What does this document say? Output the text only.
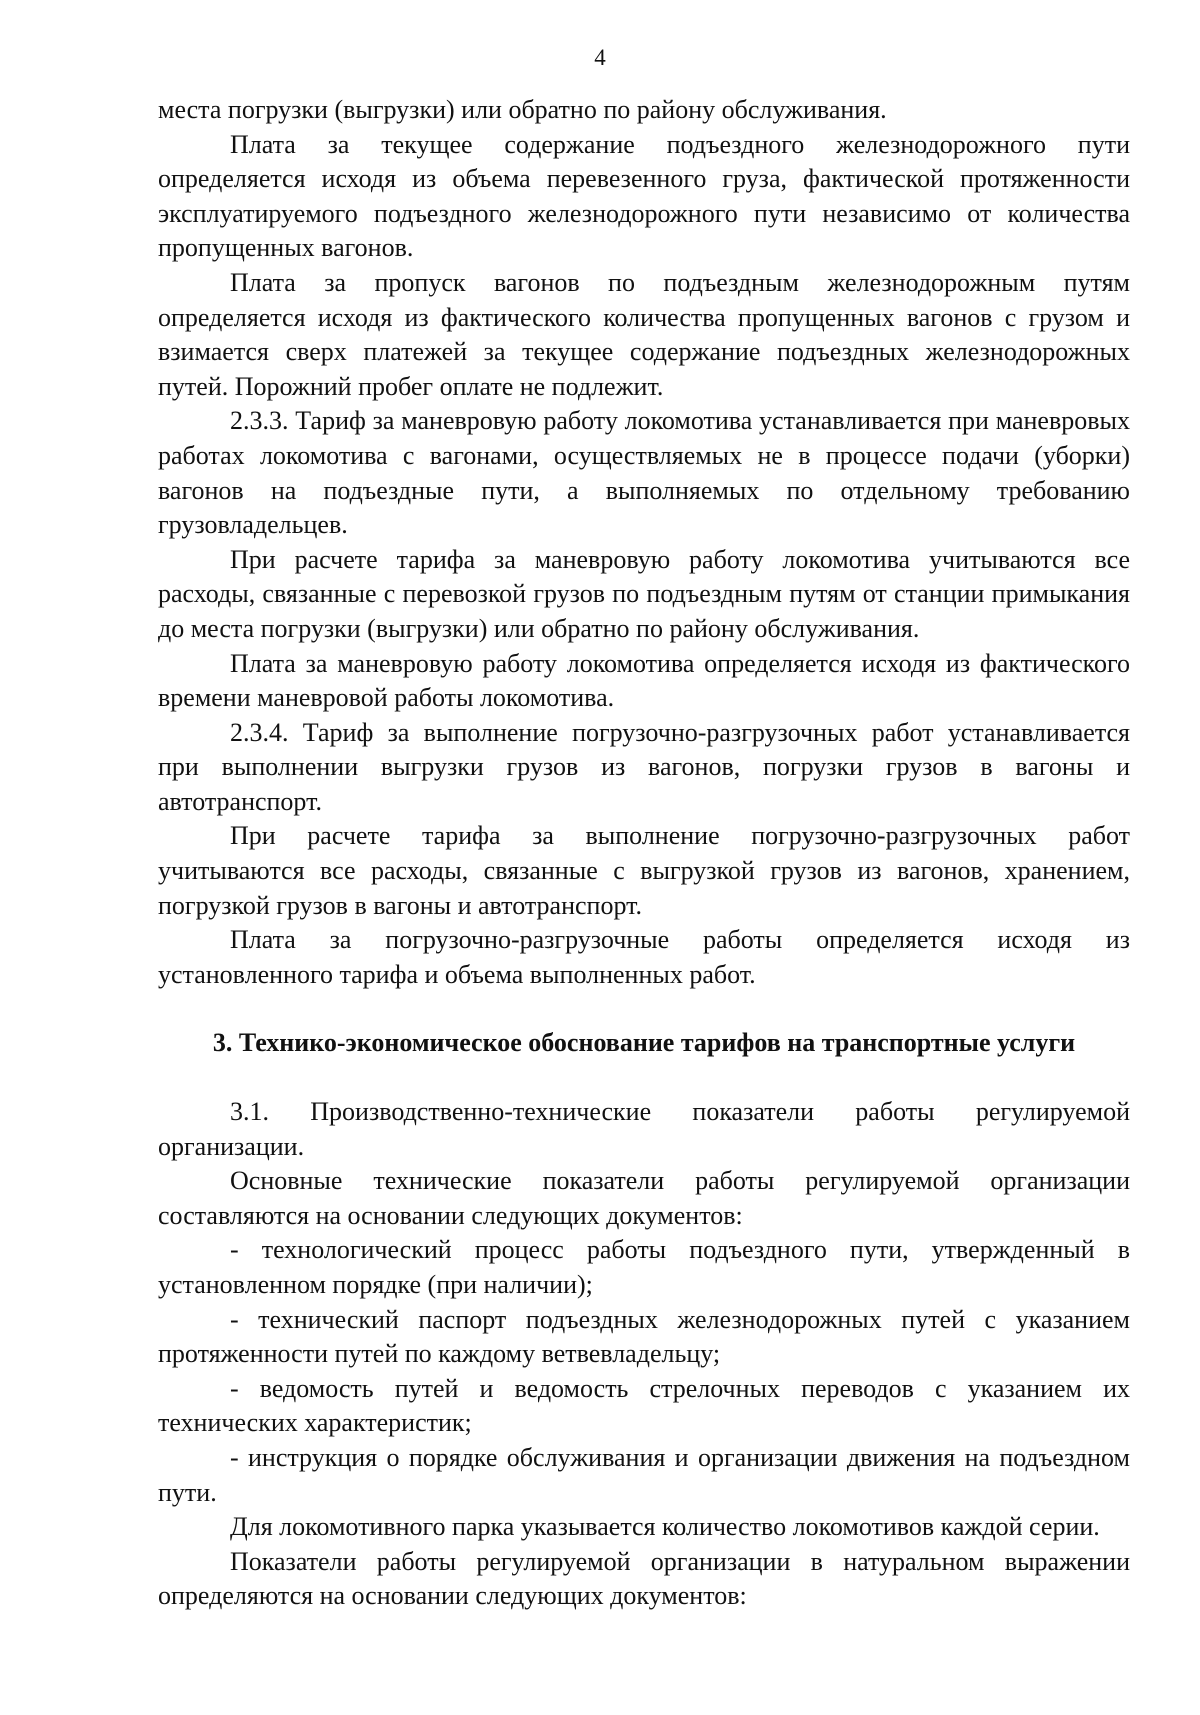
4

места погрузки (выгрузки) или обратно по району обслуживания.

Плата за текущее содержание подъездного железнодорожного пути определяется исходя из объема перевезенного груза, фактической протяженности эксплуатируемого подъездного железнодорожного пути независимо от количества пропущенных вагонов.

Плата за пропуск вагонов по подъездным железнодорожным путям определяется исходя из фактического количества пропущенных вагонов с грузом и взимается сверх платежей за текущее содержание подъездных железнодорожных путей. Порожний пробег оплате не подлежит.

2.3.3. Тариф за маневровую работу локомотива устанавливается при маневровых работах локомотива с вагонами, осуществляемых не в процессе подачи (уборки) вагонов на подъездные пути, а выполняемых по отдельному требованию грузовладельцев.

При расчете тарифа за маневровую работу локомотива учитываются все расходы, связанные с перевозкой грузов по подъездным путям от станции примыкания до места погрузки (выгрузки) или обратно по району обслуживания.

Плата за маневровую работу локомотива определяется исходя из фактического времени маневровой работы локомотива.

2.3.4. Тариф за выполнение погрузочно-разгрузочных работ устанавливается при выполнении выгрузки грузов из вагонов, погрузки грузов в вагоны и автотранспорт.

При расчете тарифа за выполнение погрузочно-разгрузочных работ учитываются все расходы, связанные с выгрузкой грузов из вагонов, хранением, погрузкой грузов в вагоны и автотранспорт.

Плата за погрузочно-разгрузочные работы определяется исходя из установленного тарифа и объема выполненных работ.

3. Технико-экономическое обоснование тарифов на транспортные услуги

3.1. Производственно-технические показатели работы регулируемой организации.

Основные технические показатели работы регулируемой организации составляются на основании следующих документов:

- технологический процесс работы подъездного пути, утвержденный в установленном порядке (при наличии);

- технический паспорт подъездных железнодорожных путей с указанием протяженности путей по каждому ветвевладельцу;

- ведомость путей и ведомость стрелочных переводов с указанием их технических характеристик;

- инструкция о порядке обслуживания и организации движения на подъездном пути.

Для локомотивного парка указывается количество локомотивов каждой серии.

Показатели работы регулируемой организации в натуральном выражении определяются на основании следующих документов:
